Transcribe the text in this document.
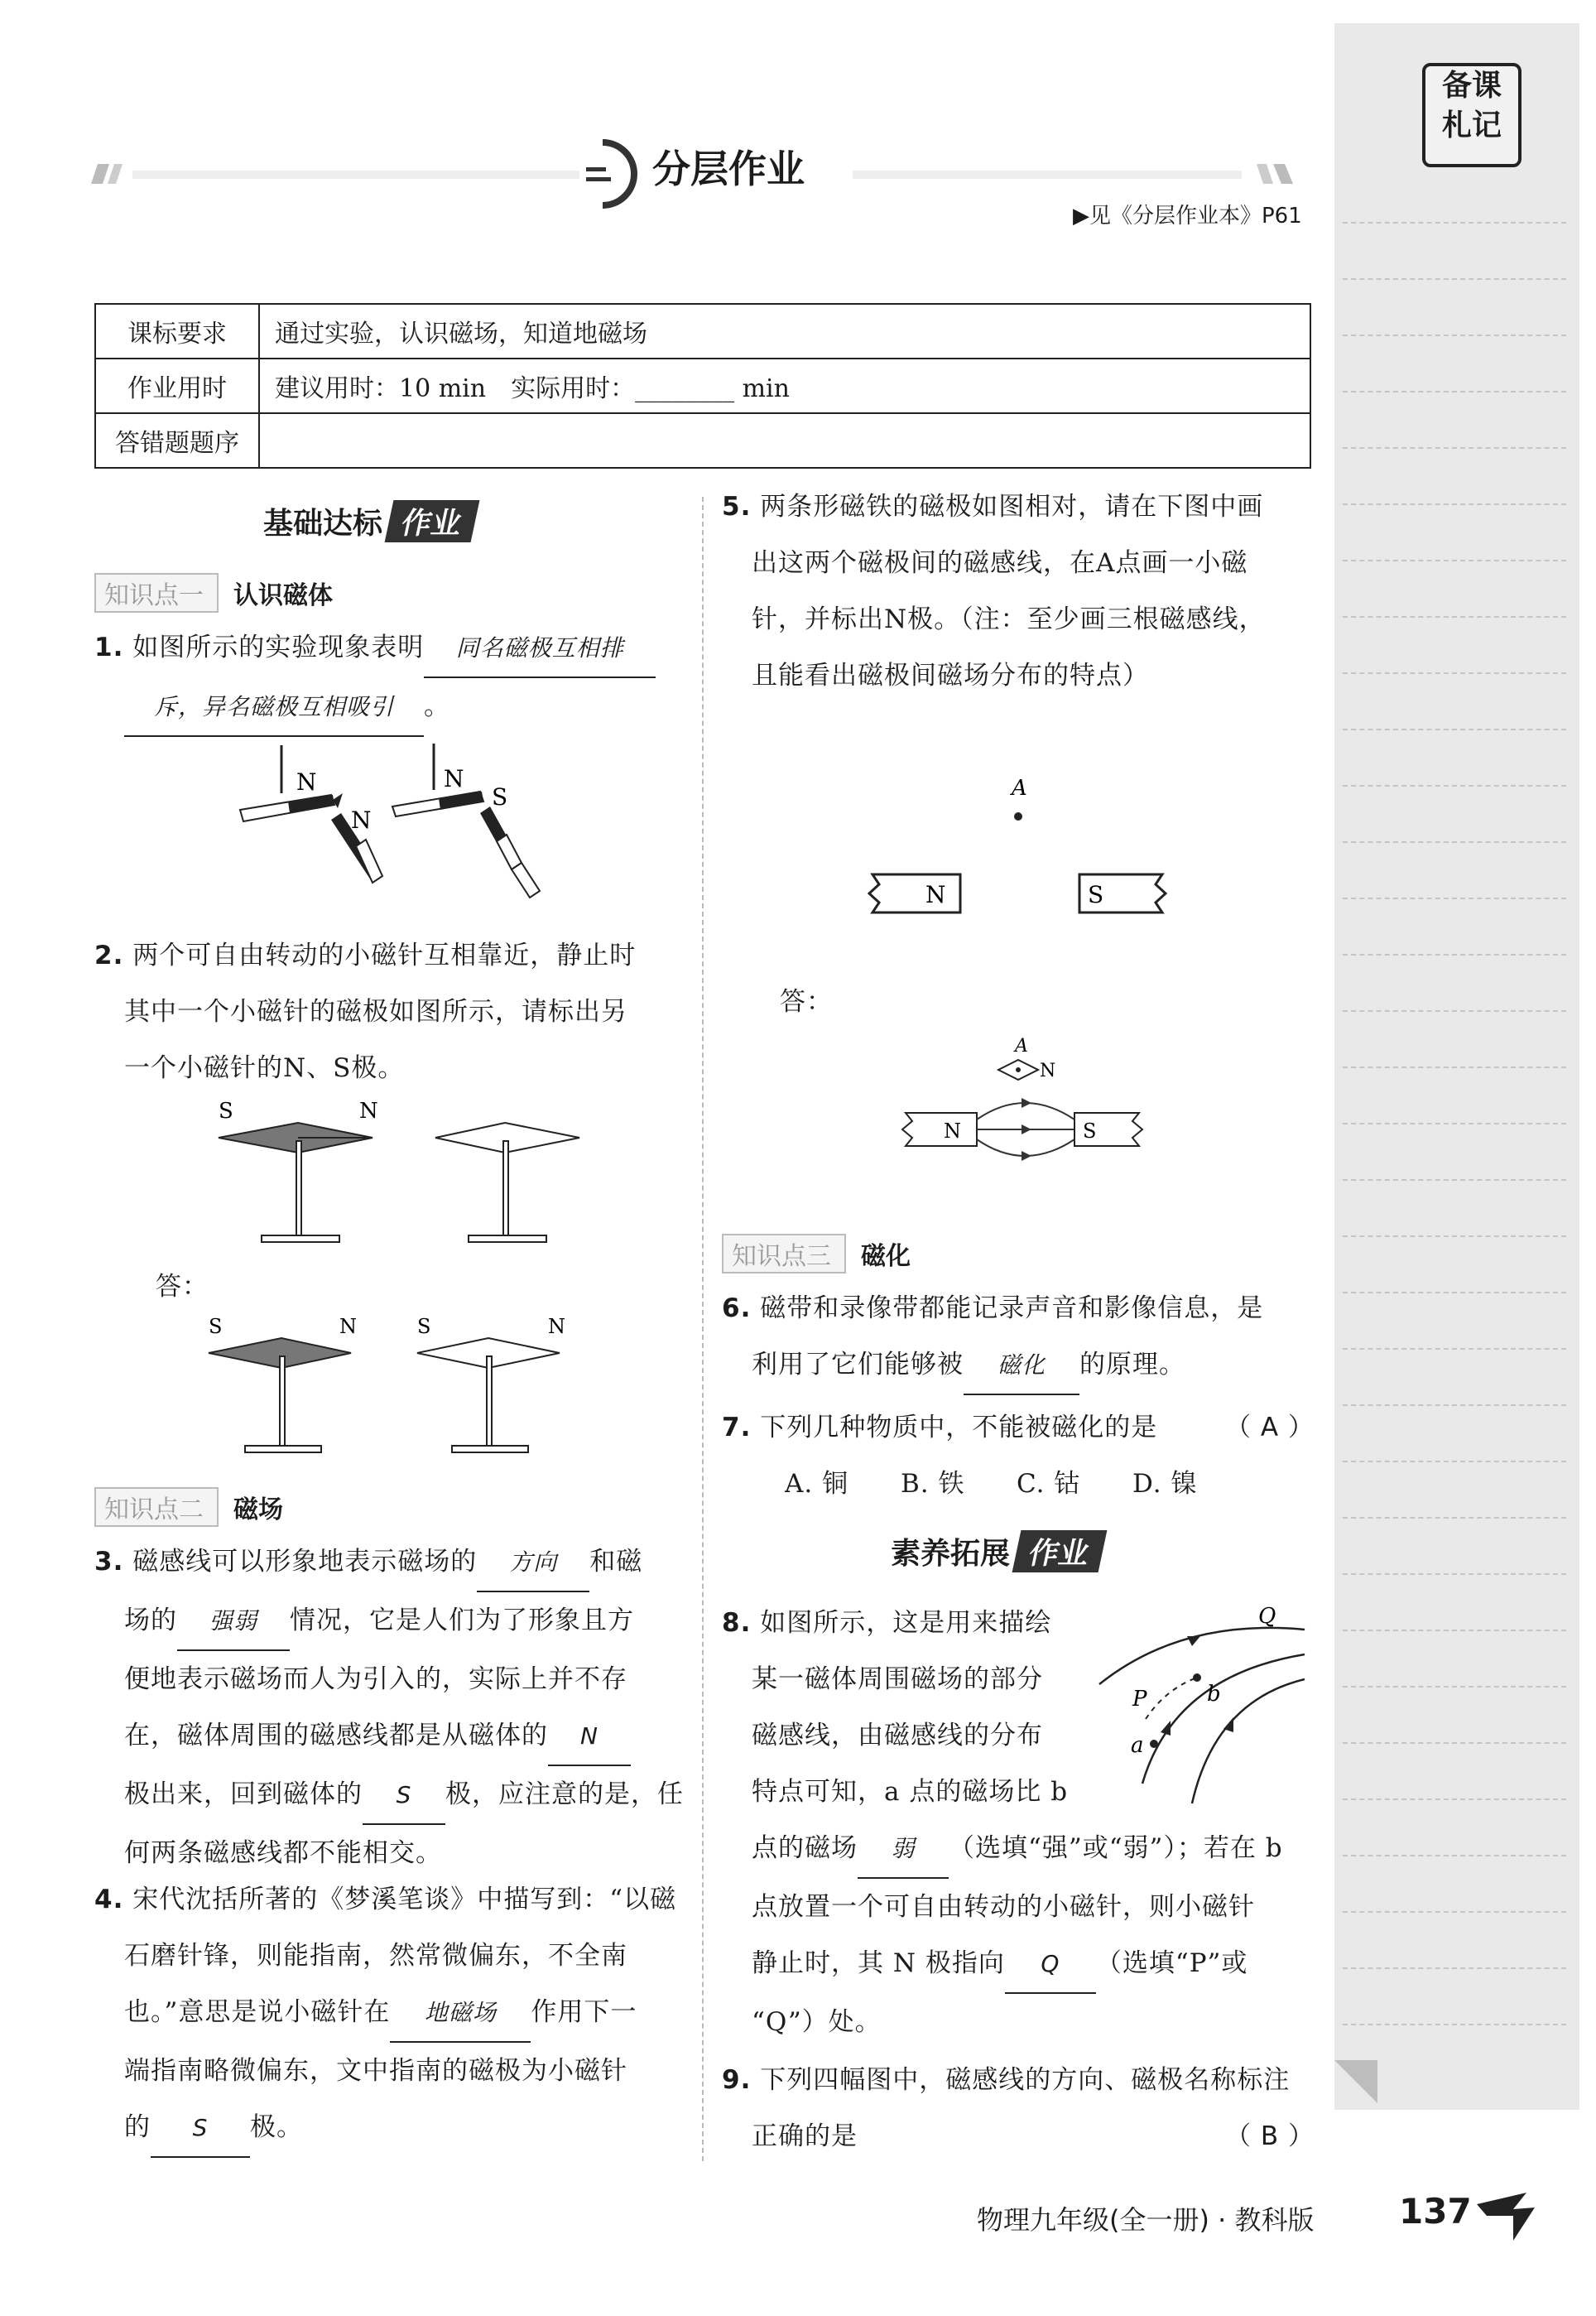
备课
札记
分层作业
▶见《分层作业本》P61
课标要求	通过实验，认识磁场，知道地磁场
作业用时	建议用时：10 min　实际用时：________ min
答错题题序	
基础达标 作业
知识点一 认识磁体
1. 如图所示的实验现象表明 同名磁极互相排
斥，异名磁极互相吸引 。
N
N
N
S
2. 两个可自由转动的小磁针互相靠近，静止时
其中一个小磁针的磁极如图所示，请标出另
一个小磁针的N、S极。
S	N
答：
S	N	S	N
知识点二 磁场
3. 磁感线可以形象地表示磁场的 方向 和磁
场的 强弱 情况，它是人们为了形象且方
便地表示磁场而人为引入的，实际上并不存
在，磁体周围的磁感线都是从磁体的 N
极出来，回到磁体的 S 极，应注意的是，任
何两条磁感线都不能相交。
4. 宋代沈括所著的《梦溪笔谈》中描写到：“以磁
石磨针锋，则能指南，然常微偏东，不全南
也。”意思是说小磁针在 地磁场 作用下一
端指南略微偏东，文中指南的磁极为小磁针
的 S 极。
5. 两条形磁铁的磁极如图相对，请在下图中画
出这两个磁极间的磁感线，在A点画一小磁
针，并标出N极。（注：至少画三根磁感线，
且能看出磁极间磁场分布的特点）
A
N	S
答：
A
N
N	S
知识点三 磁化
6. 磁带和录像带都能记录声音和影像信息，是
利用了它们能够被 磁化 的原理。
7. 下列几种物质中，不能被磁化的是	（ A ）
A. 铜 B. 铁 C. 钴 D. 镍
素养拓展 作业
8. 如图所示，这是用来描绘
某一磁体周围磁场的部分
磁感线，由磁感线的分布
特点可知，a 点的磁场比 b
点的磁场 弱 （选填“强”或“弱”）；若在 b
点放置一个可自由转动的小磁针，则小磁针
静止时，其 N 极指向 Q （选填“P”或
“Q”）处。
Q
P	b
a
9. 下列四幅图中，磁感线的方向、磁极名称标注
正确的是	（ B ）
物理九年级(全一册) · 教科版 137
